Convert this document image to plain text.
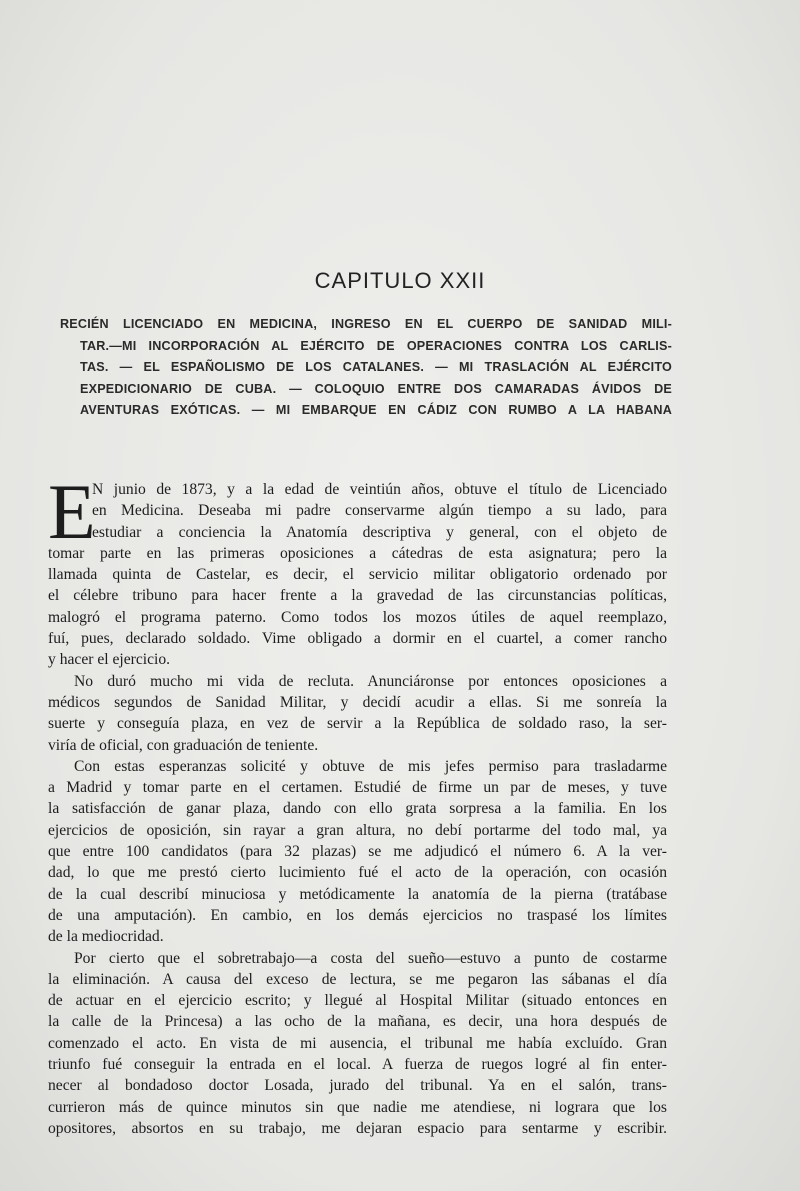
CAPITULO XXII
RECIÉN LICENCIADO EN MEDICINA, INGRESO EN EL CUERPO DE SANIDAD MILI-
TAR.—MI INCORPORACIÓN AL EJÉRCITO DE OPERACIONES CONTRA LOS CARLIS-
TAS. — EL ESPAÑOLISMO DE LOS CATALANES. — MI TRASLACIÓN AL EJÉRCITO
EXPEDICIONARIO DE CUBA. — COLOQUIO ENTRE DOS CAMARADAS ÁVIDOS DE
AVENTURAS EXÓTICAS. — MI EMBARQUE EN CÁDIZ CON RUMBO A LA HABANA
E
N junio de 1873, y a la edad de veintiún años, obtuve el título de Licenciado
en Medicina. Deseaba mi padre conservarme algún tiempo a su lado, para
estudiar a conciencia la Anatomía descriptiva y general, con el objeto de
tomar parte en las primeras oposiciones a cátedras de esta asignatura; pero la
llamada quinta de Castelar, es decir, el servicio militar obligatorio ordenado por
el célebre tribuno para hacer frente a la gravedad de las circunstancias políticas,
malogró el programa paterno. Como todos los mozos útiles de aquel reemplazo,
fuí, pues, declarado soldado. Vime obligado a dormir en el cuartel, a comer rancho
y hacer el ejercicio.
No duró mucho mi vida de recluta. Anunciáronse por entonces oposiciones a
médicos segundos de Sanidad Militar, y decidí acudir a ellas. Si me sonreía la
suerte y conseguía plaza, en vez de servir a la República de soldado raso, la ser-
viría de oficial, con graduación de teniente.
Con estas esperanzas solicité y obtuve de mis jefes permiso para trasladarme
a Madrid y tomar parte en el certamen. Estudié de firme un par de meses, y tuve
la satisfacción de ganar plaza, dando con ello grata sorpresa a la familia. En los
ejercicios de oposición, sin rayar a gran altura, no debí portarme del todo mal, ya
que entre 100 candidatos (para 32 plazas) se me adjudicó el número 6. A la ver-
dad, lo que me prestó cierto lucimiento fué el acto de la operación, con ocasión
de la cual describí minuciosa y metódicamente la anatomía de la pierna (tratábase
de una amputación). En cambio, en los demás ejercicios no traspasé los límites
de la mediocridad.
Por cierto que el sobretrabajo—a costa del sueño—estuvo a punto de costarme
la eliminación. A causa del exceso de lectura, se me pegaron las sábanas el día
de actuar en el ejercicio escrito; y llegué al Hospital Militar (situado entonces en
la calle de la Princesa) a las ocho de la mañana, es decir, una hora después de
comenzado el acto. En vista de mi ausencia, el tribunal me había excluído. Gran
triunfo fué conseguir la entrada en el local. A fuerza de ruegos logré al fin enter-
necer al bondadoso doctor Losada, jurado del tribunal. Ya en el salón, trans-
currieron más de quince minutos sin que nadie me atendiese, ni lograra que los
opositores, absortos en su trabajo, me dejaran espacio para sentarme y escribir.
